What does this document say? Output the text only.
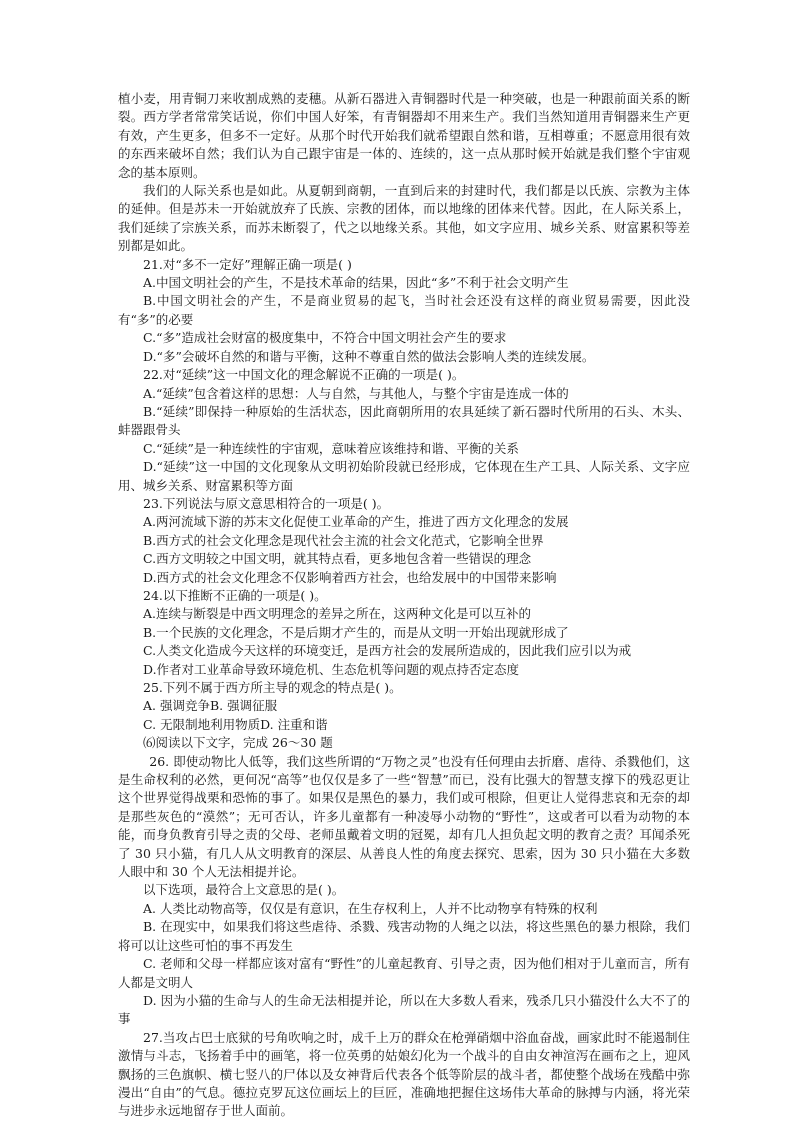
植小麦，用青铜刀来收割成熟的麦穗。从新石器进入青铜器时代是一种突破，也是一种跟前面关系的断裂。西方学者常常笑话说，你们中国人好笨，有青铜器却不用来生产。我们当然知道用青铜器来生产更有效，产生更多，但多不一定好。从那个时代开始我们就希望跟自然和谐，互相尊重；不愿意用很有效的东西来破坏自然；我们认为自己跟宇宙是一体的、连续的，这一点从那时候开始就是我们整个宇宙观念的基本原则。

我们的人际关系也是如此。从夏朝到商朝，一直到后来的封建时代，我们都是以氏族、宗教为主体的延伸。但是苏未一开始就放弃了氏族、宗教的团体，而以地缘的团体来代替。因此，在人际关系上，我们延续了宗族关系，而苏未断裂了，代之以地缘关系。其他，如文字应用、城乡关系、财富累积等差别都是如此。

21.对“多不一定好”理解正确一项是( )

A.中国文明社会的产生，不是技术革命的结果，因此“多”不利于社会文明产生

B.中国文明社会的产生，不是商业贸易的起飞，当时社会还没有这样的商业贸易需要，因此没有“多”的必要

C.“多”造成社会财富的极度集中，不符合中国文明社会产生的要求

D.“多”会破坏自然的和谐与平衡，这种不尊重自然的做法会影响人类的连续发展。

22.对“延续”这一中国文化的理念解说不正确的一项是( )。

A.“延续”包含着这样的思想：人与自然，与其他人，与整个宇宙是连成一体的

B.“延续”即保持一种原始的生活状态，因此商朝所用的农具延续了新石器时代所用的石头、木头、蚌器跟骨头

C.“延续”是一种连续性的宇宙观，意味着应该维持和谐、平衡的关系

D.“延续”这一中国的文化现象从文明初始阶段就已经形成，它体现在生产工具、人际关系、文字应用、城乡关系、财富累积等方面

23.下列说法与原文意思相符合的一项是( )。

A.两河流域下游的苏末文化促使工业革命的产生，推进了西方文化理念的发展

B.西方式的社会文化理念是现代社会主流的社会文化范式，它影响全世界

C.西方文明较之中国文明，就其特点看，更多地包含着一些错误的理念

D.西方式的社会文化理念不仅影响着西方社会，也给发展中的中国带来影响

24.以下推断不正确的一项是( )。

A.连续与断裂是中西文明理念的差异之所在，这两种文化是可以互补的

B.一个民族的文化理念，不是后期才产生的，而是从文明一开始出现就形成了

C.人类文化造成今天这样的环境变迁，是西方社会的发展所造成的，因此我们应引以为戒

D.作者对工业革命导致环境危机、生态危机等问题的观点持否定态度

25.下列不属于西方所主导的观念的特点是( )。

A. 强调竞争B. 强调征服

C. 无限制地利用物质D. 注重和谐

⑹阅读以下文字，完成 26～30 题

26. 即使动物比人低等，我们这些所谓的“万物之灵”也没有任何理由去折磨、虐待、杀戮他们，这是生命权利的必然，更何况“高等”也仅仅是多了一些“智慧”而已，没有比强大的智慧支撑下的残忍更让这个世界觉得战栗和恐怖的事了。如果仅是黑色的暴力，我们或可根除，但更让人觉得悲哀和无奈的却是那些灰色的“漠然”；无可否认，许多儿童都有一种凌辱小动物的“野性”，这或者可以看为动物的本能，而身负教育引导之责的父母、老师虽戴着文明的冠冕，却有几人担负起文明的教育之责？耳闻杀死了 30 只小猫，有几人从文明教育的深层、从善良人性的角度去探究、思索，因为 30 只小猫在大多数人眼中和 30 个人无法相提并论。

以下选项，最符合上文意思的是( )。

A. 人类比动物高等，仅仅是有意识，在生存权利上，人并不比动物享有特殊的权利

B. 在现实中，如果我们将这些虐待、杀戮、残害动物的人绳之以法，将这些黑色的暴力根除，我们将可以让这些可怕的事不再发生

C. 老师和父母一样都应该对富有“野性”的儿童起教育、引导之责，因为他们相对于儿童而言，所有人都是文明人

D. 因为小猫的生命与人的生命无法相提并论，所以在大多数人看来，残杀几只小猫没什么大不了的事

27.当攻占巴士底狱的号角吹响之时，成千上万的群众在枪弹硝烟中浴血奋战，画家此时不能遏制住激情与斗志，飞扬着手中的画笔，将一位英勇的姑娘幻化为一个战斗的自由女神渲泻在画布之上，迎风飘扬的三色旗帜、横七竖八的尸体以及女神背后代表各个低等阶层的战斗者，都使整个战场在残酷中弥漫出“自由”的气息。德拉克罗瓦这位画坛上的巨匠，准确地把握住这场伟大革命的脉搏与内涵，将光荣与进步永远地留存于世人面前。
